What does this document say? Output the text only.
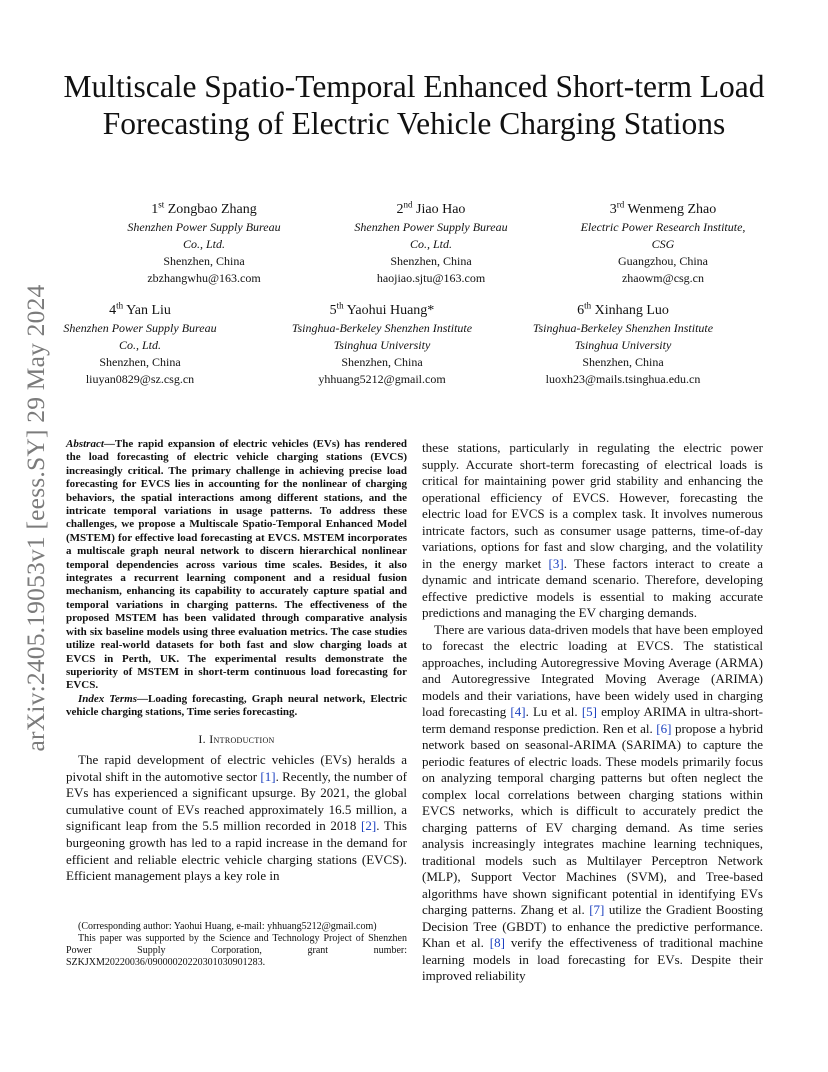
arXiv:2405.19053v1 [eess.SY] 29 May 2024
Multiscale Spatio-Temporal Enhanced Short-term Load Forecasting of Electric Vehicle Charging Stations
1st Zongbao Zhang
Shenzhen Power Supply Bureau
Co., Ltd.
Shenzhen, China
zbzhangwhu@163.com
2nd Jiao Hao
Shenzhen Power Supply Bureau
Co., Ltd.
Shenzhen, China
haojiao.sjtu@163.com
3rd Wenmeng Zhao
Electric Power Research Institute,
CSG
Guangzhou, China
zhaowm@csg.cn
4th Yan Liu
Shenzhen Power Supply Bureau
Co., Ltd.
Shenzhen, China
liuyan0829@sz.csg.cn
5th Yaohui Huang*
Tsinghua-Berkeley Shenzhen Institute
Tsinghua University
Shenzhen, China
yhhuang5212@gmail.com
6th Xinhang Luo
Tsinghua-Berkeley Shenzhen Institute
Tsinghua University
Shenzhen, China
luoxh23@mails.tsinghua.edu.cn

Abstract—The rapid expansion of electric vehicles (EVs) has rendered the load forecasting of electric vehicle charging stations (EVCS) increasingly critical. The primary challenge in achieving precise load forecasting for EVCS lies in accounting for the nonlinear of charging behaviors, the spatial interactions among different stations, and the intricate temporal variations in usage patterns. To address these challenges, we propose a Multiscale Spatio-Temporal Enhanced Model (MSTEM) for effective load forecasting at EVCS. MSTEM incorporates a multiscale graph neural network to discern hierarchical nonlinear temporal dependencies across various time scales. Besides, it also integrates a recurrent learning component and a residual fusion mechanism, enhancing its capability to accurately capture spatial and temporal variations in charging patterns. The effectiveness of the proposed MSTEM has been validated through comparative analysis with six baseline models using three evaluation metrics. The case studies utilize real-world datasets for both fast and slow charging loads at EVCS in Perth, UK. The experimental results demonstrate the superiority of MSTEM in short-term continuous load forecasting for EVCS.

Index Terms—Loading forecasting, Graph neural network, Electric vehicle charging stations, Time series forecasting.

I. Introduction

The rapid development of electric vehicles (EVs) heralds a pivotal shift in the automotive sector [1]. Recently, the number of EVs has experienced a significant upsurge. By 2021, the global cumulative count of EVs reached approximately 16.5 million, a significant leap from the 5.5 million recorded in 2018 [2]. This burgeoning growth has led to a rapid increase in the demand for efficient and reliable electric vehicle charging stations (EVCS). Efficient management plays a key role in

(Corresponding author: Yaohui Huang, e-mail: yhhuang5212@gmail.com)

This paper was supported by the Science and Technology Project of Shenzhen Power Supply Corporation, grant number: SZKJXM20220036/09000020220301030901283.

these stations, particularly in regulating the electric power supply. Accurate short-term forecasting of electrical loads is critical for maintaining power grid stability and enhancing the operational efficiency of EVCS. However, forecasting the electric load for EVCS is a complex task. It involves numerous intricate factors, such as consumer usage patterns, time-of-day variations, options for fast and slow charging, and the volatility in the energy market [3]. These factors interact to create a dynamic and intricate demand scenario. Therefore, developing effective predictive models is essential to making accurate predictions and managing the EV charging demands.

There are various data-driven models that have been employed to forecast the electric loading at EVCS. The statistical approaches, including Autoregressive Moving Average (ARMA) and Autoregressive Integrated Moving Average (ARIMA) models and their variations, have been widely used in charging load forecasting [4]. Lu et al. [5] employ ARIMA in ultra-short-term demand response prediction. Ren et al. [6] propose a hybrid network based on seasonal-ARIMA (SARIMA) to capture the periodic features of electric loads. These models primarily focus on analyzing temporal charging patterns but often neglect the complex local correlations between charging stations within EVCS networks, which is difficult to accurately predict the charging patterns of EV charging demand. As time series analysis increasingly integrates machine learning techniques, traditional models such as Multilayer Perceptron Network (MLP), Support Vector Machines (SVM), and Tree-based algorithms have shown significant potential in identifying EVs charging patterns. Zhang et al. [7] utilize the Gradient Boosting Decision Tree (GBDT) to enhance the predictive performance. Khan et al. [8] verify the effectiveness of traditional machine learning models in load forecasting for EVs. Despite their improved reliability
